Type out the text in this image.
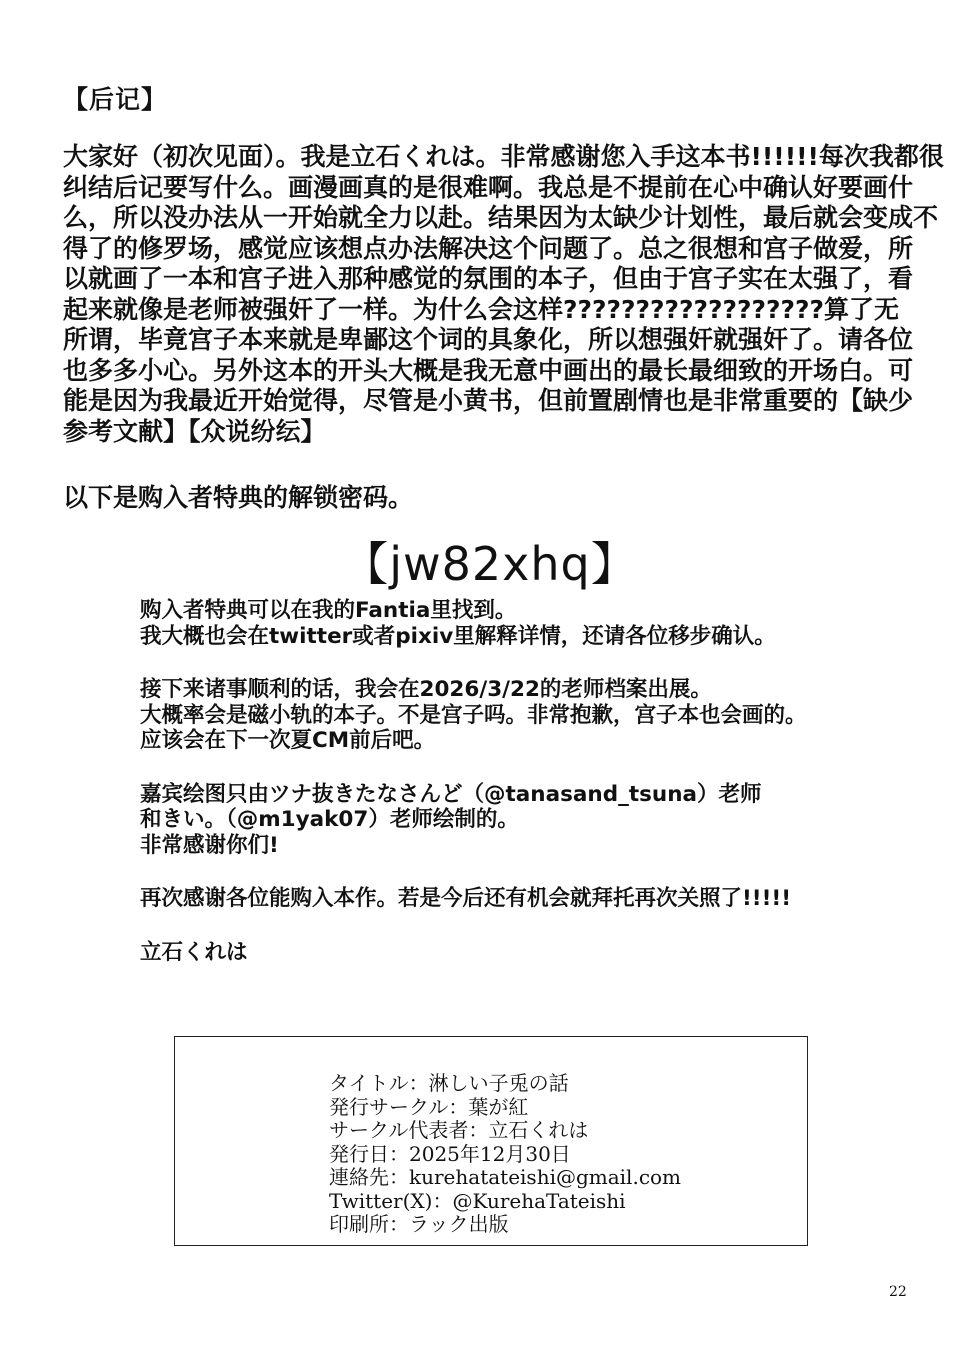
【后记】
大家好（初次见面）。我是立石くれは。非常感谢您入手这本书!!!!!!每次我都很
纠结后记要写什么。画漫画真的是很难啊。我总是不提前在心中确认好要画什
么，所以没办法从一开始就全力以赴。结果因为太缺少计划性，最后就会变成不
得了的修罗场，感觉应该想点办法解决这个问题了。总之很想和宫子做爱，所
以就画了一本和宫子进入那种感觉的氛围的本子，但由于宫子实在太强了，看
起来就像是老师被强奸了一样。为什么会这样??????????????????算了无
所谓，毕竟宫子本来就是卑鄙这个词的具象化，所以想强奸就强奸了。请各位
也多多小心。另外这本的开头大概是我无意中画出的最长最细致的开场白。可
能是因为我最近开始觉得，尽管是小黄书，但前置剧情也是非常重要的【缺少
参考文献】【众说纷纭】
以下是购入者特典的解锁密码。
【jw82xhq】
购入者特典可以在我的Fantia里找到。
我大概也会在twitter或者pixiv里解释详情，还请各位移步确认。
接下来诸事顺利的话，我会在2026/3/22的老师档案出展。
大概率会是磁小轨的本子。不是宫子吗。非常抱歉，宫子本也会画的。
应该会在下一次夏CM前后吧。
嘉宾绘图只由ツナ抜きたなさんど（@tanasand_tsuna）老师
和きい。（@m1yak07）老师绘制的。
非常感谢你们!
再次感谢各位能购入本作。若是今后还有机会就拜托再次关照了!!!!!
立石くれは
タイトル：淋しい子兎の話
発行サークル：葉が紅
サークル代表者：立石くれは
発行日：2025年12月30日
連絡先：kurehatateishi@gmail.com
Twitter(X)：@KurehaTateishi
印刷所：ラック出版
22
